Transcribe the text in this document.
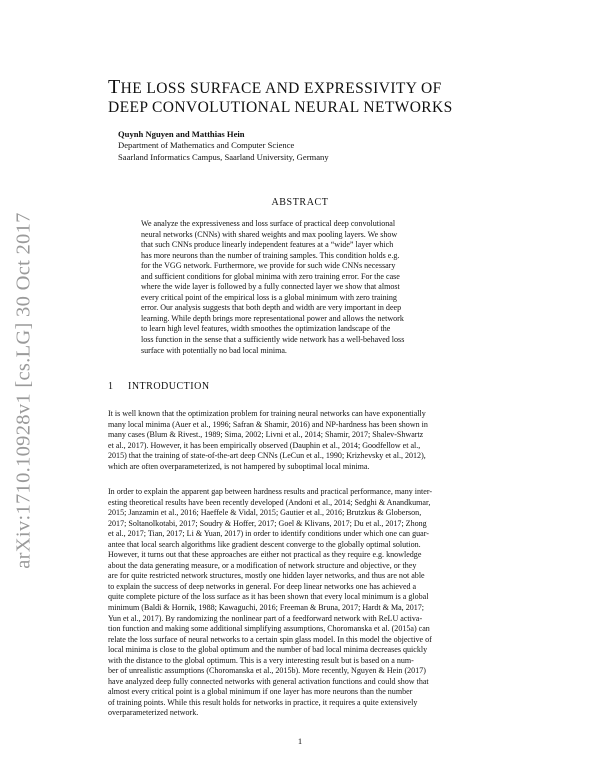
arXiv:1710.10928v1 [cs.LG] 30 Oct 2017
THE LOSS SURFACE AND EXPRESSIVITY OF
DEEP CONVOLUTIONAL NEURAL NETWORKS
Quynh Nguyen and Matthias Hein
Department of Mathematics and Computer Science
Saarland Informatics Campus, Saarland University, Germany
ABSTRACT

We analyze the expressiveness and loss surface of practical deep convolutional
neural networks (CNNs) with shared weights and max pooling layers. We show
that such CNNs produce linearly independent features at a “wide” layer which
has more neurons than the number of training samples. This condition holds e.g.
for the VGG network. Furthermore, we provide for such wide CNNs necessary
and sufficient conditions for global minima with zero training error. For the case
where the wide layer is followed by a fully connected layer we show that almost
every critical point of the empirical loss is a global minimum with zero training
error. Our analysis suggests that both depth and width are very important in deep
learning. While depth brings more representational power and allows the network
to learn high level features, width smoothes the optimization landscape of the
loss function in the sense that a sufficiently wide network has a well-behaved loss
surface with potentially no bad local minima.

1 INTRODUCTION

It is well known that the optimization problem for training neural networks can have exponentially
many local minima (Auer et al., 1996; Safran & Shamir, 2016) and NP-hardness has been shown in
many cases (Blum & Rivest., 1989; Sima, 2002; Livni et al., 2014; Shamir, 2017; Shalev-Shwartz
et al., 2017). However, it has been empirically observed (Dauphin et al., 2014; Goodfellow et al.,
2015) that the training of state-of-the-art deep CNNs (LeCun et al., 1990; Krizhevsky et al., 2012),
which are often overparameterized, is not hampered by suboptimal local minima.

In order to explain the apparent gap between hardness results and practical performance, many inter-
esting theoretical results have been recently developed (Andoni et al., 2014; Sedghi & Anandkumar,
2015; Janzamin et al., 2016; Haeffele & Vidal, 2015; Gautier et al., 2016; Brutzkus & Globerson,
2017; Soltanolkotabi, 2017; Soudry & Hoffer, 2017; Goel & Klivans, 2017; Du et al., 2017; Zhong
et al., 2017; Tian, 2017; Li & Yuan, 2017) in order to identify conditions under which one can guar-
antee that local search algorithms like gradient descent converge to the globally optimal solution.
However, it turns out that these approaches are either not practical as they require e.g. knowledge
about the data generating measure, or a modification of network structure and objective, or they
are for quite restricted network structures, mostly one hidden layer networks, and thus are not able
to explain the success of deep networks in general. For deep linear networks one has achieved a
quite complete picture of the loss surface as it has been shown that every local minimum is a global
minimum (Baldi & Hornik, 1988; Kawaguchi, 2016; Freeman & Bruna, 2017; Hardt & Ma, 2017;
Yun et al., 2017). By randomizing the nonlinear part of a feedforward network with ReLU activa-
tion function and making some additional simplifying assumptions, Choromanska et al. (2015a) can
relate the loss surface of neural networks to a certain spin glass model. In this model the objective of
local minima is close to the global optimum and the number of bad local minima decreases quickly
with the distance to the global optimum. This is a very interesting result but is based on a num-
ber of unrealistic assumptions (Choromanska et al., 2015b). More recently, Nguyen & Hein (2017)
have analyzed deep fully connected networks with general activation functions and could show that
almost every critical point is a global minimum if one layer has more neurons than the number
of training points. While this result holds for networks in practice, it requires a quite extensively
overparameterized network.

1
